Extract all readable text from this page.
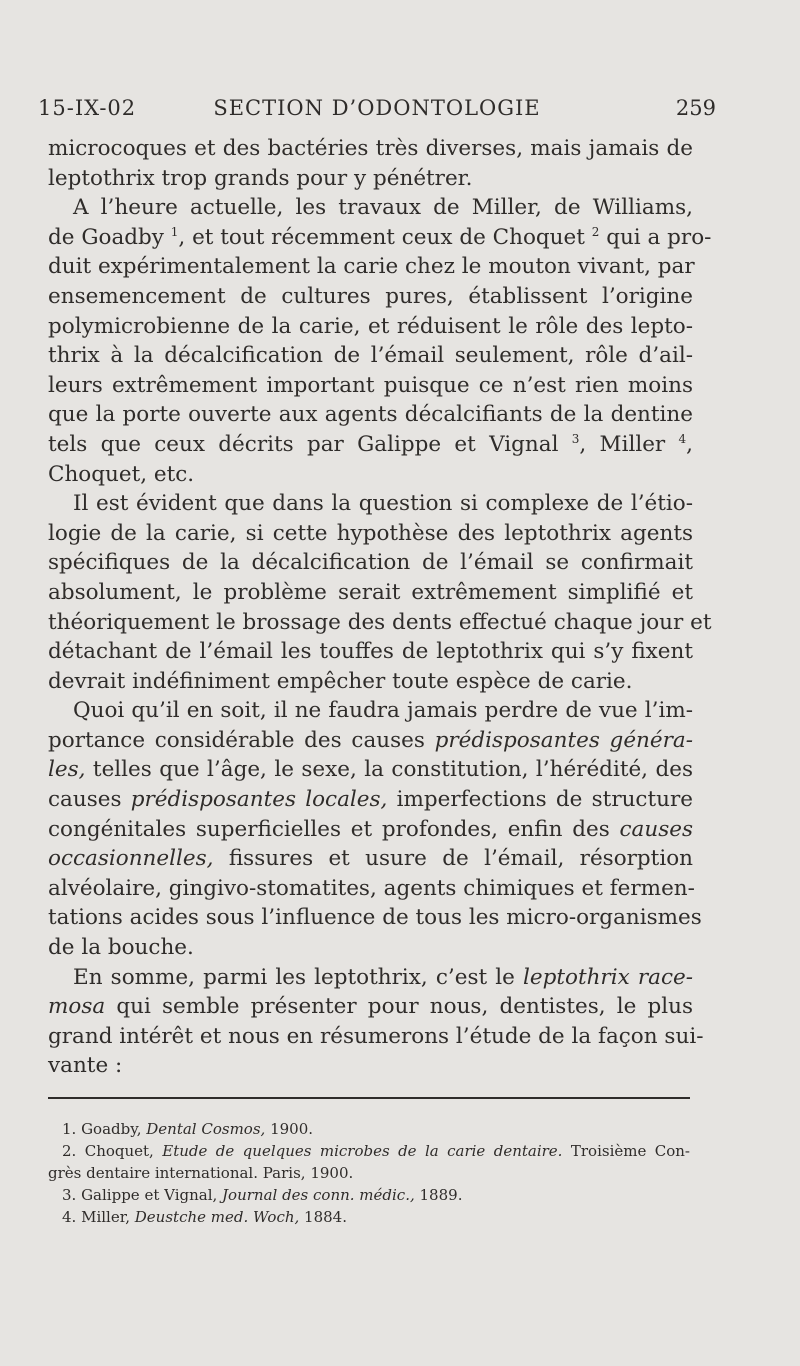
15-IX-02	SECTION D’ODONTOLOGIE	259
microcoques et des bactéries très diverses, mais jamais de
leptothrix trop grands pour y pénétrer.
A l’heure actuelle, les travaux de Miller, de Williams,
de Goadby $^1$, et tout récemment ceux de Choquet $^2$ qui a pro-
duit expérimentalement la carie chez le mouton vivant, par
ensemencement de cultures pures, établissent l’origine
polymicrobienne de la carie, et réduisent le rôle des lepto-
thrix à la décalcification de l’émail seulement, rôle d’ail-
leurs extrêmement important puisque ce n’est rien moins
que la porte ouverte aux agents décalcifiants de la dentine
tels que ceux décrits par Galippe et Vignal $^3$, Miller $^4$,
Choquet, etc.
Il est évident que dans la question si complexe de l’étio-
logie de la carie, si cette hypothèse des leptothrix agents
spécifiques de la décalcification de l’émail se confirmait
absolument, le problème serait extrêmement simplifié et
théoriquement le brossage des dents effectué chaque jour et
détachant de l’émail les touffes de leptothrix qui s’y fixent
devrait indéfiniment empêcher toute espèce de carie.
Quoi qu’il en soit, il ne faudra jamais perdre de vue l’im-
portance considérable des causes prédisposantes généra-
les, telles que l’âge, le sexe, la constitution, l’hérédité, des
causes prédisposantes locales, imperfections de structure
congénitales superficielles et profondes, enfin des causes
occasionnelles, fissures et usure de l’émail, résorption
alvéolaire, gingivo-stomatites, agents chimiques et fermen-
tations acides sous l’influence de tous les micro-organismes
de la bouche.
En somme, parmi les leptothrix, c’est le leptothrix race-
mosa qui semble présenter pour nous, dentistes, le plus
grand intérêt et nous en résumerons l’étude de la façon sui-
vante :
1. Goadby, Dental Cosmos, 1900.
2. Choquet, Etude de quelques microbes de la carie dentaire. Troisième Con-
grès dentaire international. Paris, 1900.
3. Galippe et Vignal, Journal des conn. médic., 1889.
4. Miller, Deustche med. Woch, 1884.
